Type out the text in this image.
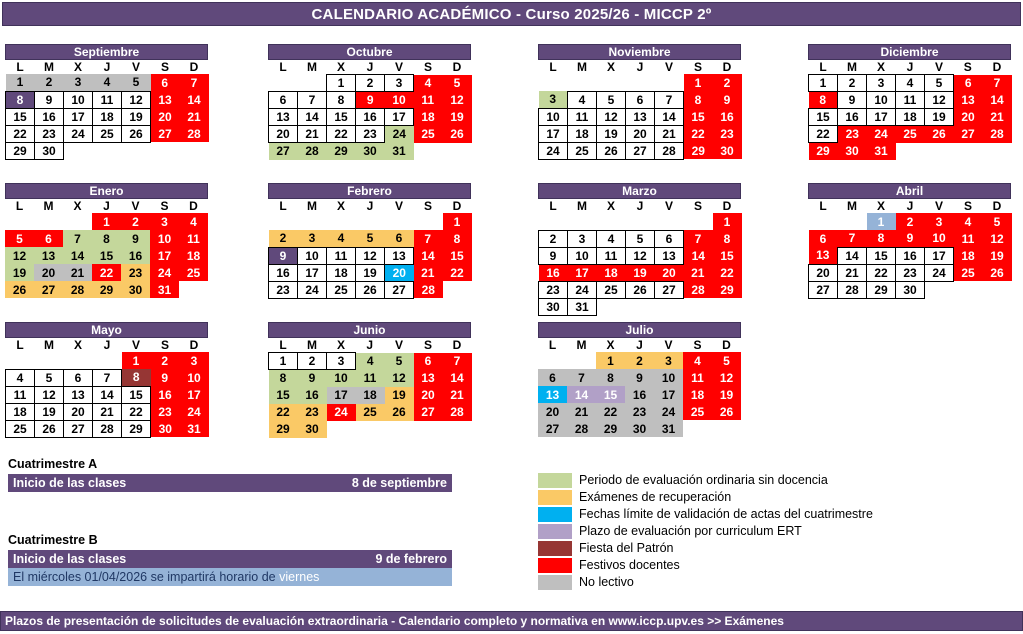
CALENDARIO ACADÉMICO - Curso 2025/26 - MICCP 2º
Septiembre
L	M	X	J	V	S	D
1	2	3	4	5	6	7
8	9	10	11	12	13	14
15	16	17	18	19	20	21
22	23	24	25	26	27	28
29	30					
Octubre
L	M	X	J	V	S	D
		1	2	3	4	5
6	7	8	9	10	11	12
13	14	15	16	17	18	19
20	21	22	23	24	25	26
27	28	29	30	31		
Noviembre
L	M	X	J	V	S	D
					1	2
3	4	5	6	7	8	9
10	11	12	13	14	15	16
17	18	19	20	21	22	23
24	25	26	27	28	29	30
Diciembre
L	M	X	J	V	S	D
1	2	3	4	5	6	7
8	9	10	11	12	13	14
15	16	17	18	19	20	21
22	23	24	25	26	27	28
29	30	31				
Enero
L	M	X	J	V	S	D
			1	2	3	4
5	6	7	8	9	10	11
12	13	14	15	16	17	18
19	20	21	22	23	24	25
26	27	28	29	30	31	
Febrero
L	M	X	J	V	S	D
						1
2	3	4	5	6	7	8
9	10	11	12	13	14	15
16	17	18	19	20	21	22
23	24	25	26	27	28	
Marzo
L	M	X	J	V	S	D
						1
2	3	4	5	6	7	8
9	10	11	12	13	14	15
16	17	18	19	20	21	22
23	24	25	26	27	28	29
30	31					
Abril
L	M	X	J	V	S	D
		1	2	3	4	5
6	7	8	9	10	11	12
13	14	15	16	17	18	19
20	21	22	23	24	25	26
27	28	29	30			
Mayo
L	M	X	J	V	S	D
				1	2	3
4	5	6	7	8	9	10
11	12	13	14	15	16	17
18	19	20	21	22	23	24
25	26	27	28	29	30	31
Junio
L	M	X	J	V	S	D
1	2	3	4	5	6	7
8	9	10	11	12	13	14
15	16	17	18	19	20	21
22	23	24	25	26	27	28
29	30					
Julio
L	M	X	J	V	S	D
		1	2	3	4	5
6	7	8	9	10	11	12
13	14	15	16	17	18	19
20	21	22	23	24	25	26
27	28	29	30	31		
Periodo de evaluación ordinaria sin docencia
Exámenes de recuperación
Fechas límite de validación de actas del cuatrimestre
Plazo de evaluación por curriculum ERT
Fiesta del Patrón
Festivos docentes
No lectivo
Cuatrimestre A
Inicio de las clases	8 de septiembre
Cuatrimestre B
Inicio de las clases	9 de febrero
El miércoles 01/04/2026 se impartirá horario de viernes
Plazos de presentación de solicitudes de evaluación extraordinaria - Calendario completo y normativa en www.iccp.upv.es >> Exámenes
